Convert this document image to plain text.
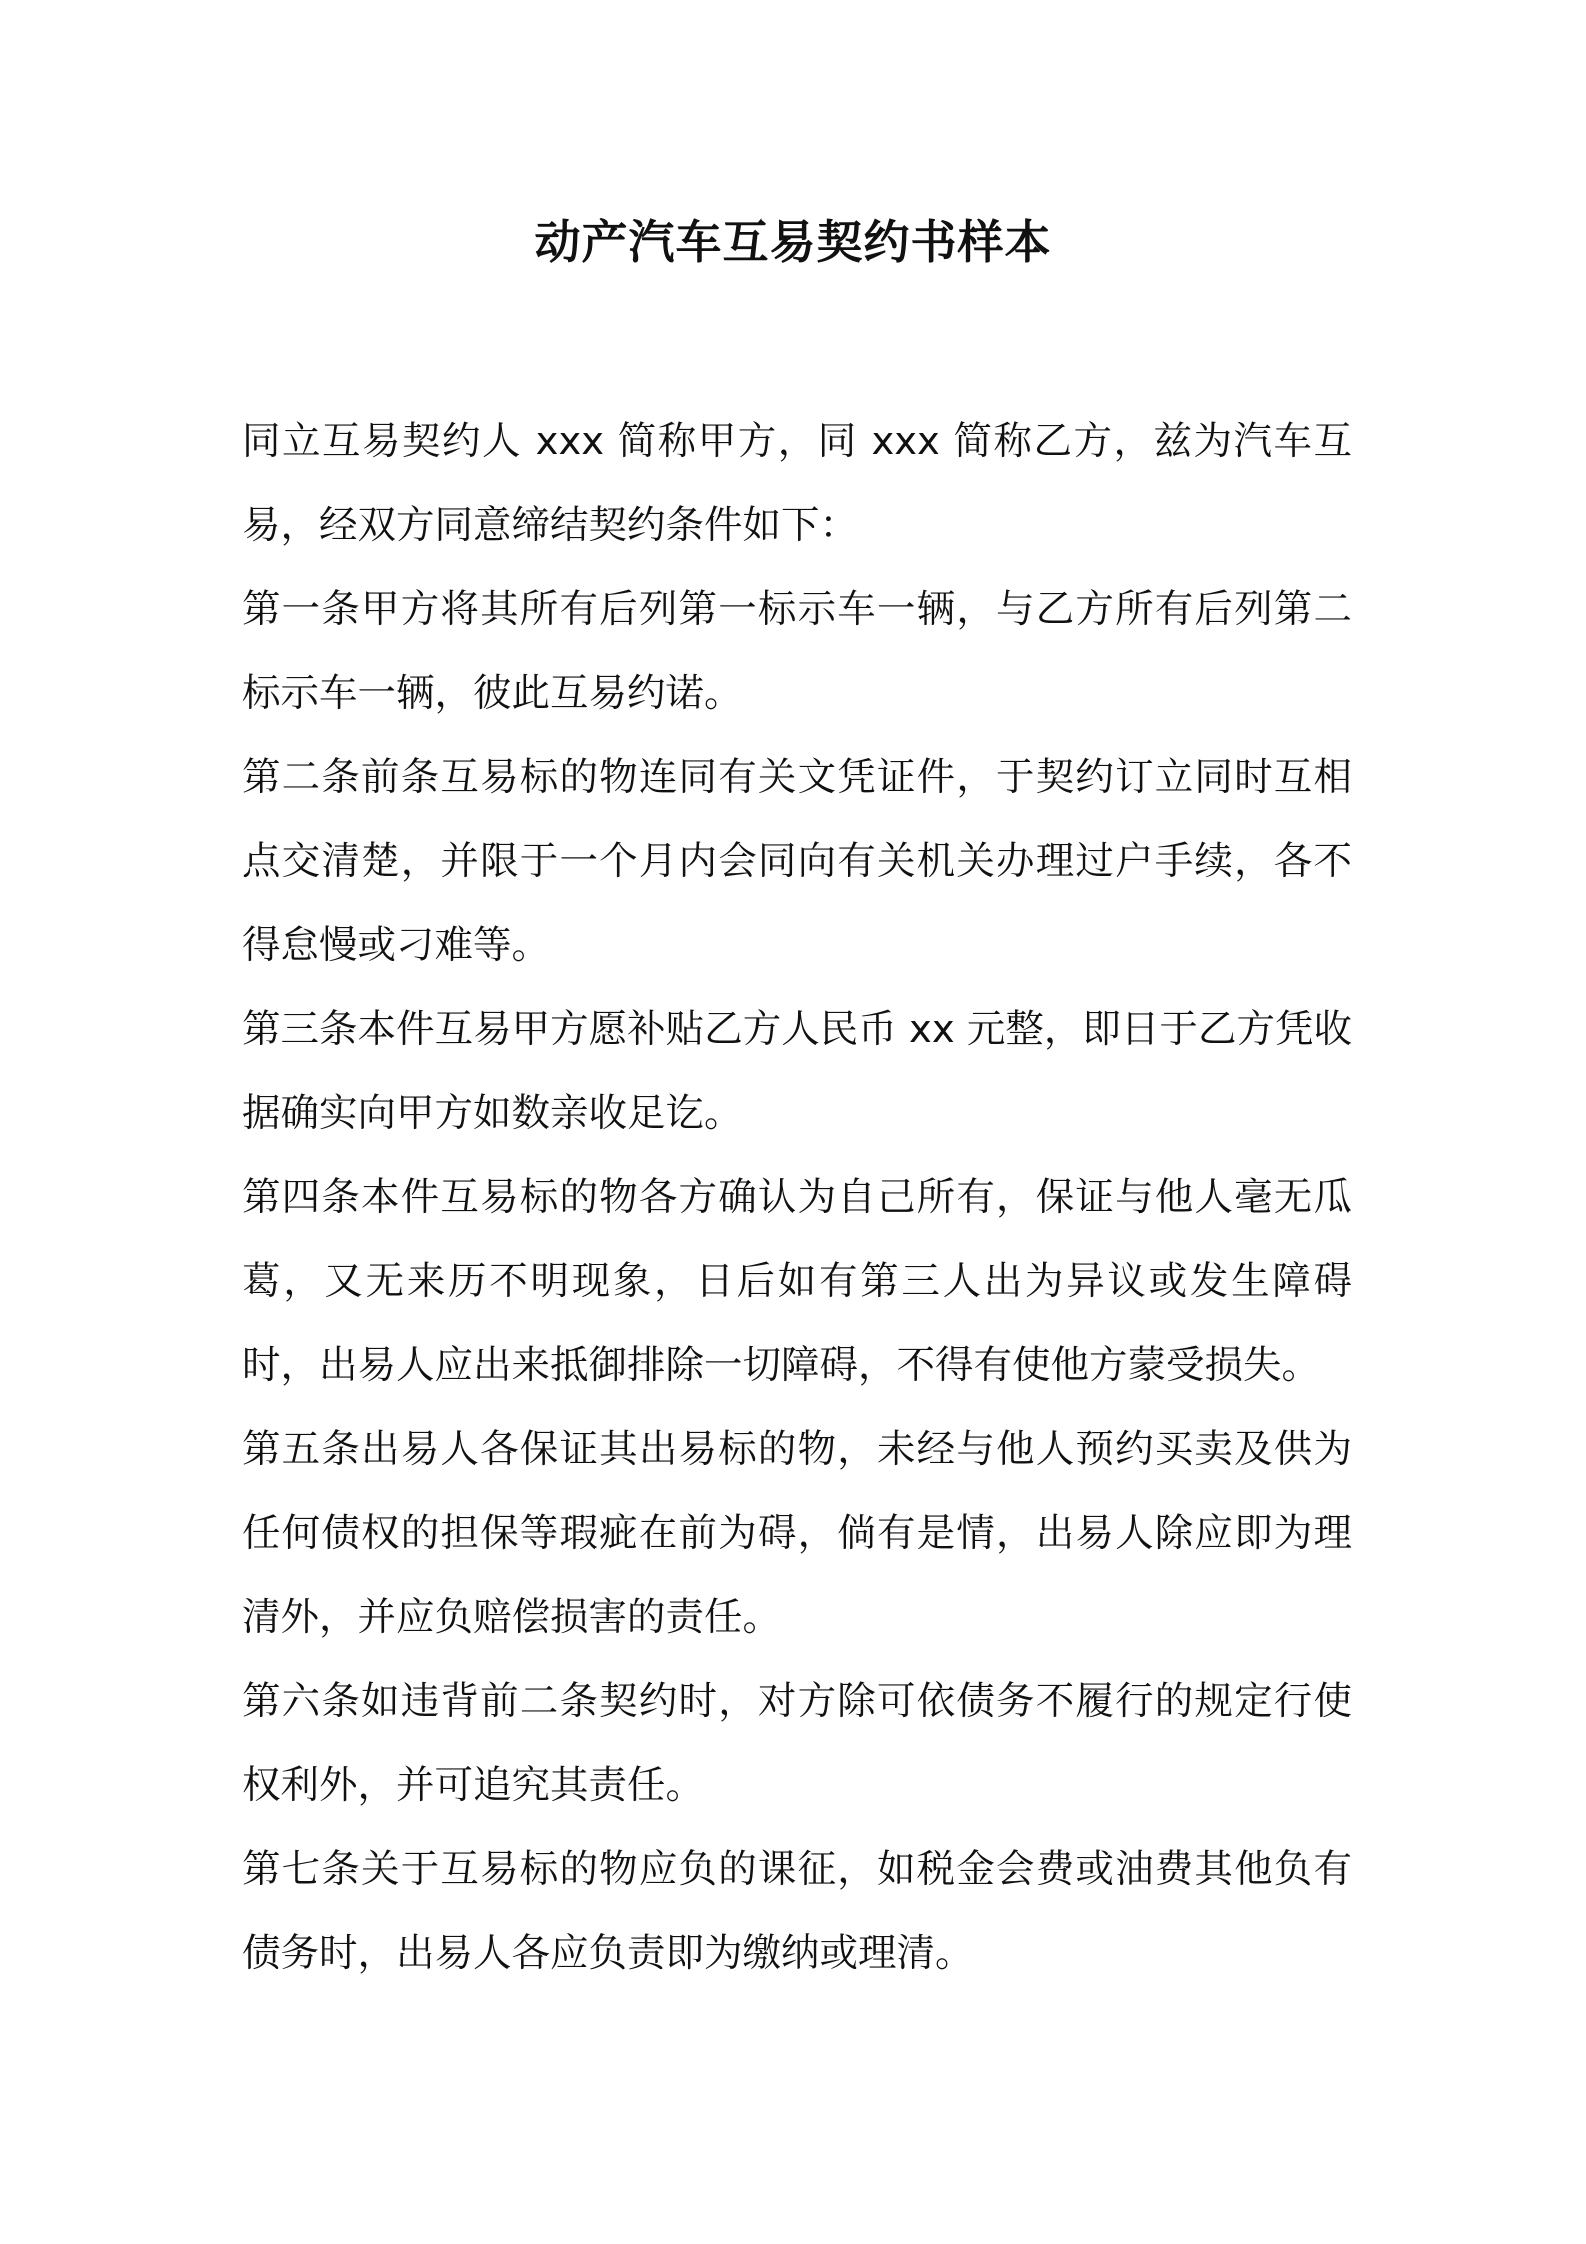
动产汽车互易契约书样本

同立互易契约人 xxx 简称甲方，同 xxx 简称乙方，兹为汽车互易，经双方同意缔结契约条件如下：

第一条甲方将其所有后列第一标示车一辆，与乙方所有后列第二标示车一辆，彼此互易约诺。

第二条前条互易标的物连同有关文凭证件，于契约订立同时互相点交清楚，并限于一个月内会同向有关机关办理过户手续，各不得怠慢或刁难等。

第三条本件互易甲方愿补贴乙方人民币 xx 元整，即日于乙方凭收据确实向甲方如数亲收足讫。

第四条本件互易标的物各方确认为自己所有，保证与他人毫无瓜葛，又无来历不明现象，日后如有第三人出为异议或发生障碍时，出易人应出来抵御排除一切障碍，不得有使他方蒙受损失。

第五条出易人各保证其出易标的物，未经与他人预约买卖及供为任何债权的担保等瑕疵在前为碍，倘有是情，出易人除应即为理清外，并应负赔偿损害的责任。

第六条如违背前二条契约时，对方除可依债务不履行的规定行使权利外，并可追究其责任。

第七条关于互易标的物应负的课征，如税金会费或油费其他负有债务时，出易人各应负责即为缴纳或理清。
